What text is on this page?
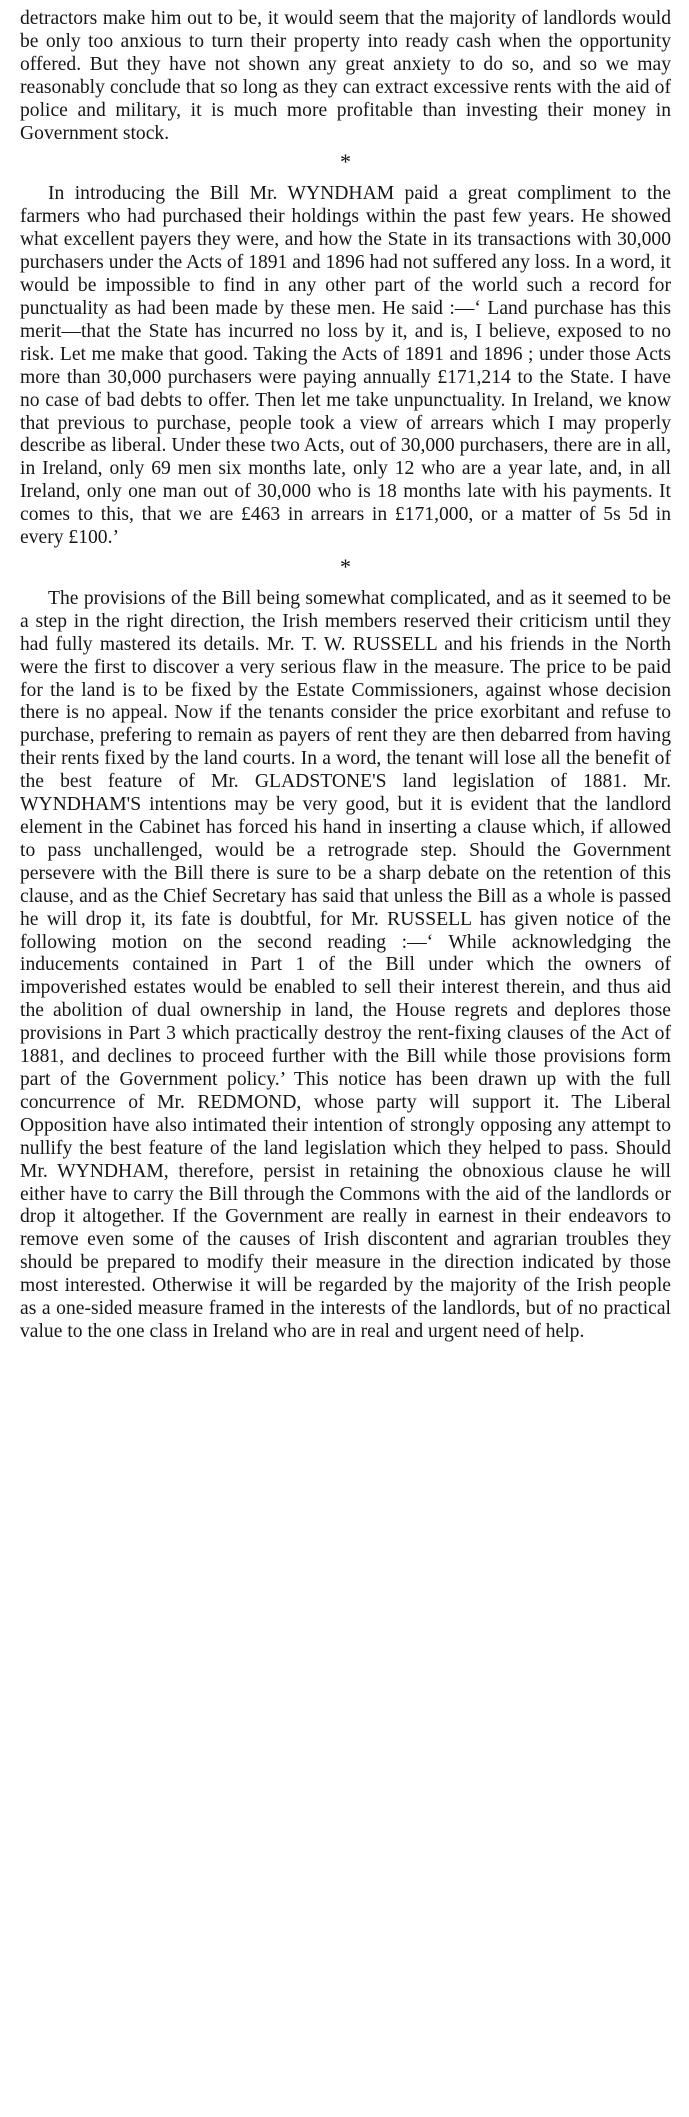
detractors make him out to be, it would seem that the majority of landlords would be only too anxious to turn their property into ready cash when the opportunity offered. But they have not shown any great anxiety to do so, and so we may reasonably conclude that so long as they can extract excessive rents with the aid of police and military, it is much more profitable than investing their money in Government stock.

*

In introducing the Bill Mr. WYNDHAM paid a great compliment to the farmers who had purchased their holdings within the past few years. He showed what excellent payers they were, and how the State in its transactions with 30,000 purchasers under the Acts of 1891 and 1896 had not suffered any loss. In a word, it would be impossible to find in any other part of the world such a record for punctuality as had been made by these men. He said :—‘ Land purchase has this merit—that the State has incurred no loss by it, and is, I believe, exposed to no risk. Let me make that good. Taking the Acts of 1891 and 1896 ; under those Acts more than 30,000 purchasers were paying annually £171,214 to the State. I have no case of bad debts to offer. Then let me take unpunctuality. In Ireland, we know that previous to purchase, people took a view of arrears which I may properly describe as liberal. Under these two Acts, out of 30,000 purchasers, there are in all, in Ireland, only 69 men six months late, only 12 who are a year late, and, in all Ireland, only one man out of 30,000 who is 18 months late with his payments. It comes to this, that we are £463 in arrears in £171,000, or a matter of 5s 5d in every £100.’

*

The provisions of the Bill being somewhat complicated, and as it seemed to be a step in the right direction, the Irish members reserved their criticism until they had fully mastered its details. Mr. T. W. RUSSELL and his friends in the North were the first to discover a very serious flaw in the measure. The price to be paid for the land is to be fixed by the Estate Commissioners, against whose decision there is no appeal. Now if the tenants consider the price exorbitant and refuse to purchase, prefering to remain as payers of rent they are then debarred from having their rents fixed by the land courts. In a word, the tenant will lose all the benefit of the best feature of Mr. GLADSTONE'S land legislation of 1881. Mr. WYNDHAM'S intentions may be very good, but it is evident that the landlord element in the Cabinet has forced his hand in inserting a clause which, if allowed to pass unchallenged, would be a retrograde step. Should the Government persevere with the Bill there is sure to be a sharp debate on the retention of this clause, and as the Chief Secretary has said that unless the Bill as a whole is passed he will drop it, its fate is doubtful, for Mr. RUSSELL has given notice of the following motion on the second reading :—‘ While acknowledging the inducements contained in Part 1 of the Bill under which the owners of impoverished estates would be enabled to sell their interest therein, and thus aid the abolition of dual ownership in land, the House regrets and deplores those provisions in Part 3 which practically destroy the rent-fixing clauses of the Act of 1881, and declines to proceed further with the Bill while those provisions form part of the Government policy.’ This notice has been drawn up with the full concurrence of Mr. REDMOND, whose party will support it. The Liberal Opposition have also intimated their intention of strongly opposing any attempt to nullify the best feature of the land legislation which they helped to pass. Should Mr. WYNDHAM, therefore, persist in retaining the obnoxious clause he will either have to carry the Bill through the Commons with the aid of the landlords or drop it altogether. If the Government are really in earnest in their endeavors to remove even some of the causes of Irish discontent and agrarian troubles they should be prepared to modify their measure in the direction indicated by those most interested. Otherwise it will be regarded by the majority of the Irish people as a one-sided measure framed in the interests of the landlords, but of no practical value to the one class in Ireland who are in real and urgent need of help.
